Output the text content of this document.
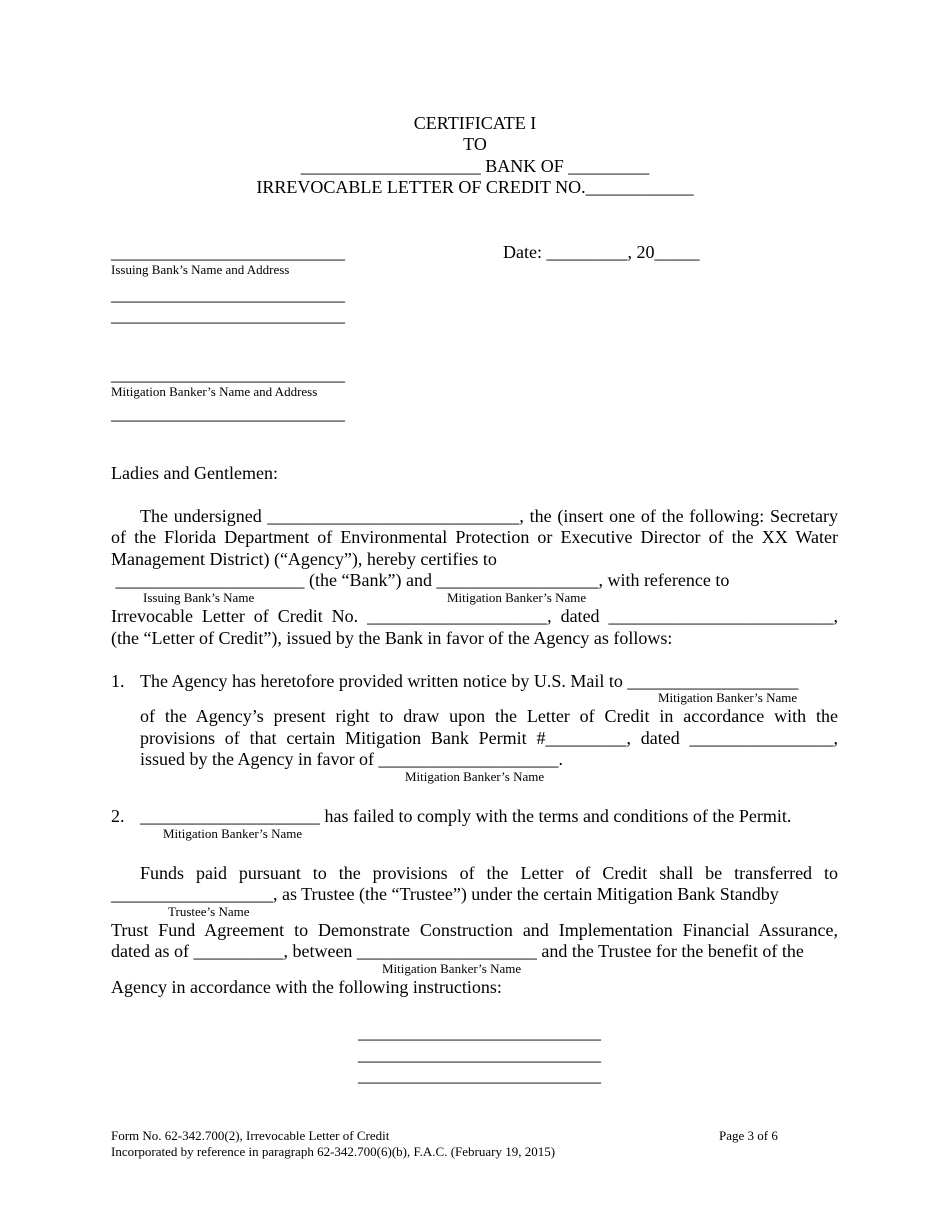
CERTIFICATE I
TO
____________________ BANK OF _________
IRREVOCABLE LETTER OF CREDIT NO.____________
__________________________
Issuing Bank’s Name and Address
__________________________
__________________________
__________________________
Mitigation Banker’s Name and Address
__________________________
Date: _________, 20_____
Ladies and Gentlemen:
The undersigned ____________________________, the (insert one of the following: Secretary
of the Florida Department of Environmental Protection or Executive Director of the XX Water
Management District) (“Agency”), hereby certifies to
_____________________ (the “Bank”) and __________________, with reference to
Issuing Bank’s Name	Mitigation Banker’s Name
Irrevocable Letter of Credit No. ____________________, dated _________________________,
(the “Letter of Credit”), issued by the Bank in favor of the Agency as follows:
1. The Agency has heretofore provided written notice by U.S. Mail to ___________________
Mitigation Banker’s Name
of the Agency’s present right to draw upon the Letter of Credit in accordance with the
provisions of that certain Mitigation Bank Permit #_________, dated ________________,
issued by the Agency in favor of ____________________.
Mitigation Banker’s Name
2. ____________________ has failed to comply with the terms and conditions of the Permit.
Mitigation Banker’s Name
Funds paid pursuant to the provisions of the Letter of Credit shall be transferred to
__________________, as Trustee (the “Trustee”) under the certain Mitigation Bank Standby
Trustee’s Name
Trust Fund Agreement to Demonstrate Construction and Implementation Financial Assurance,
dated as of __________, between ____________________ and the Trustee for the benefit of the
Mitigation Banker’s Name
Agency in accordance with the following instructions:
___________________________
___________________________
___________________________
Form No. 62-342.700(2), Irrevocable Letter of Credit
Incorporated by reference in paragraph 62-342.700(6)(b), F.A.C. (February 19, 2015)
Page 3 of 6
